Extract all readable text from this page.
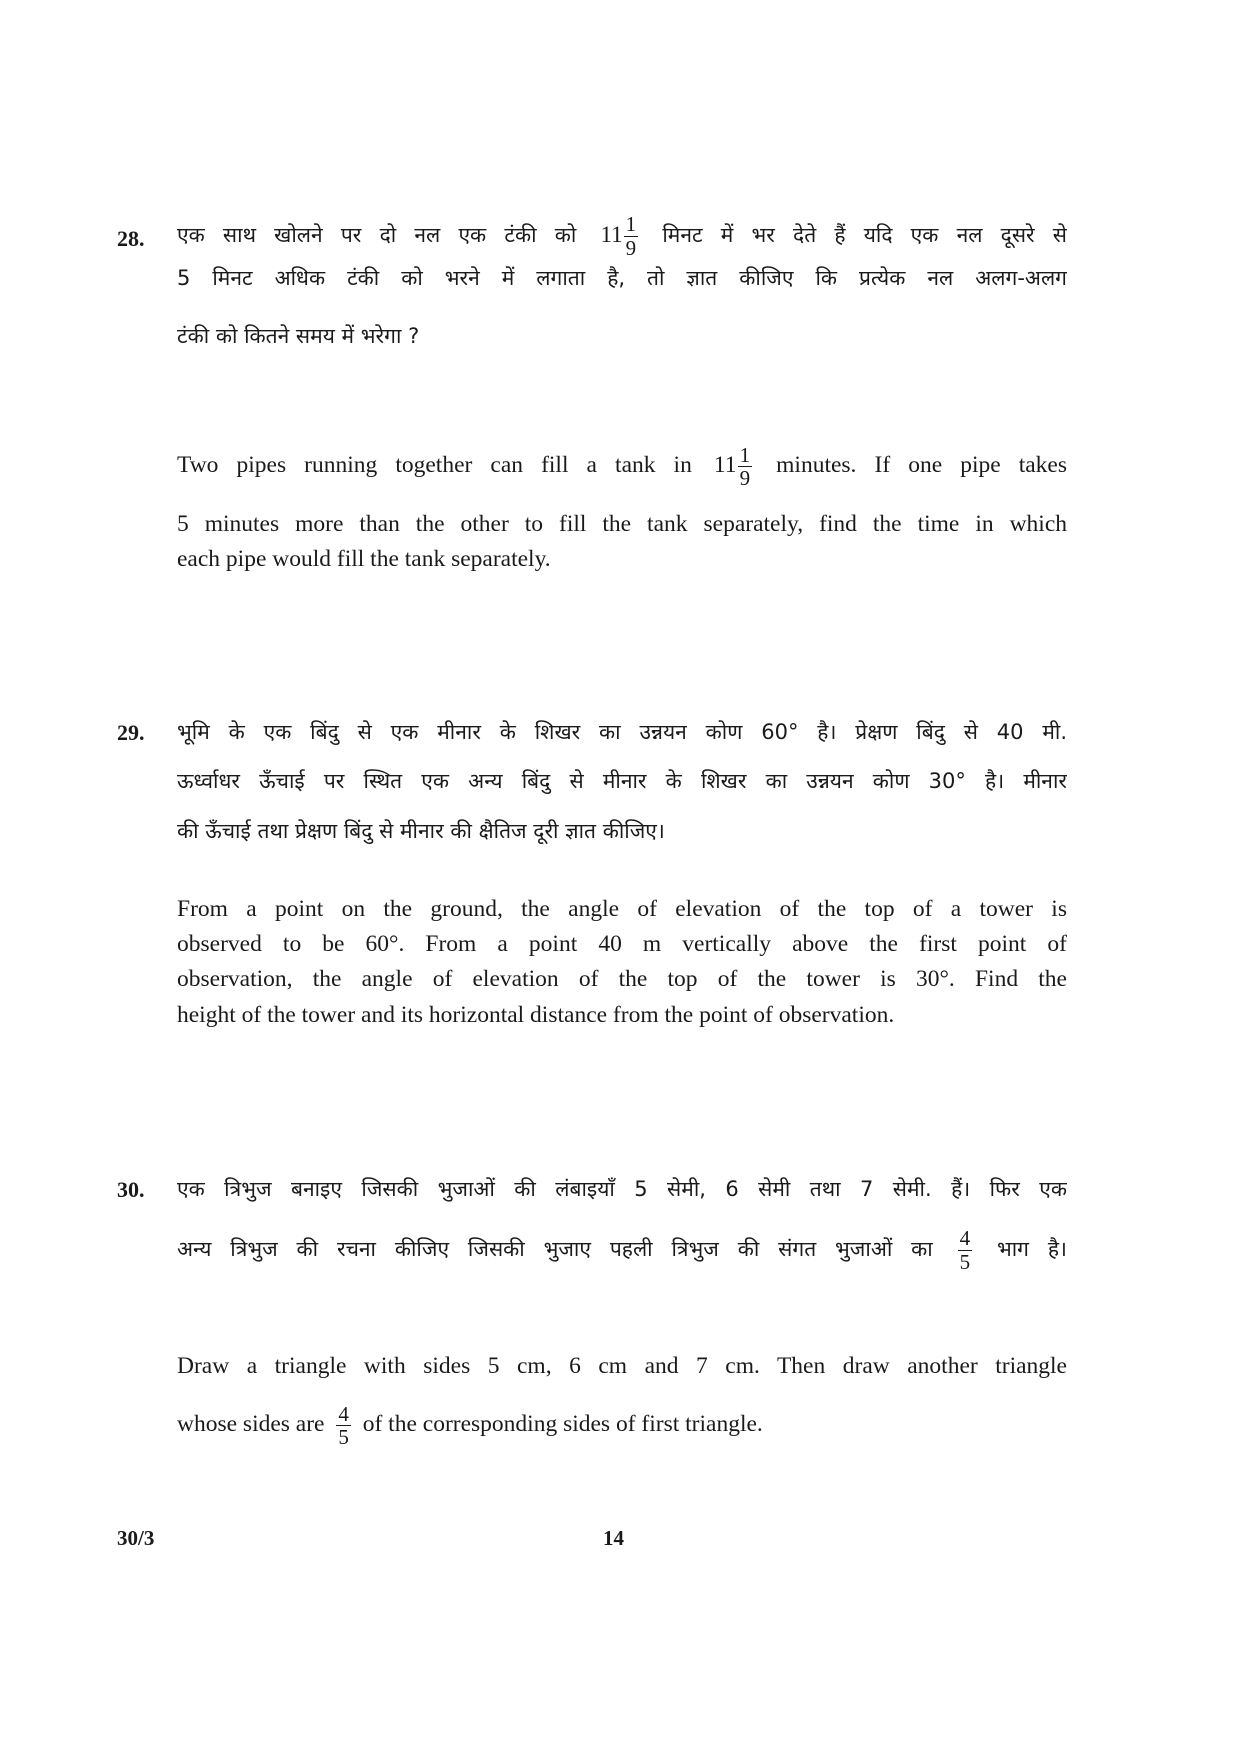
28. एक साथ खोलने पर दो नल एक टंकी को $11 \frac{1}{9}$ मिनट में भर देते हैं यदि एक नल दूसरे से
5 मिनट अधिक टंकी को भरने में लगाता है, तो ज्ञात कीजिए कि प्रत्येक नल अलग-अलग
टंकी को कितने समय में भरेगा ?
Two pipes running together can fill a tank in $11 \frac{1}{9}$ minutes. If one pipe takes
5 minutes more than the other to fill the tank separately, find the time in which
each pipe would fill the tank separately.
29. भूमि के एक बिंदु से एक मीनार के शिखर का उन्नयन कोण 60° है। प्रेक्षण बिंदु से 40 मी.
ऊर्ध्वाधर ऊँचाई पर स्थित एक अन्य बिंदु से मीनार के शिखर का उन्नयन कोण 30° है। मीनार
की ऊँचाई तथा प्रेक्षण बिंदु से मीनार की क्षैतिज दूरी ज्ञात कीजिए।
From a point on the ground, the angle of elevation of the top of a tower is
observed to be 60°. From a point 40 m vertically above the first point of
observation, the angle of elevation of the top of the tower is 30°. Find the
height of the tower and its horizontal distance from the point of observation.
30. एक त्रिभुज बनाइए जिसकी भुजाओं की लंबाइयाँ 5 सेमी, 6 सेमी तथा 7 सेमी. हैं। फिर एक
अन्य त्रिभुज की रचना कीजिए जिसकी भुजाए पहली त्रिभुज की संगत भुजाओं का $\frac{4}{5}$ भाग है।
Draw a triangle with sides 5 cm, 6 cm and 7 cm. Then draw another triangle
whose sides are $\frac{4}{5}$ of the corresponding sides of first triangle.
30/3	14
